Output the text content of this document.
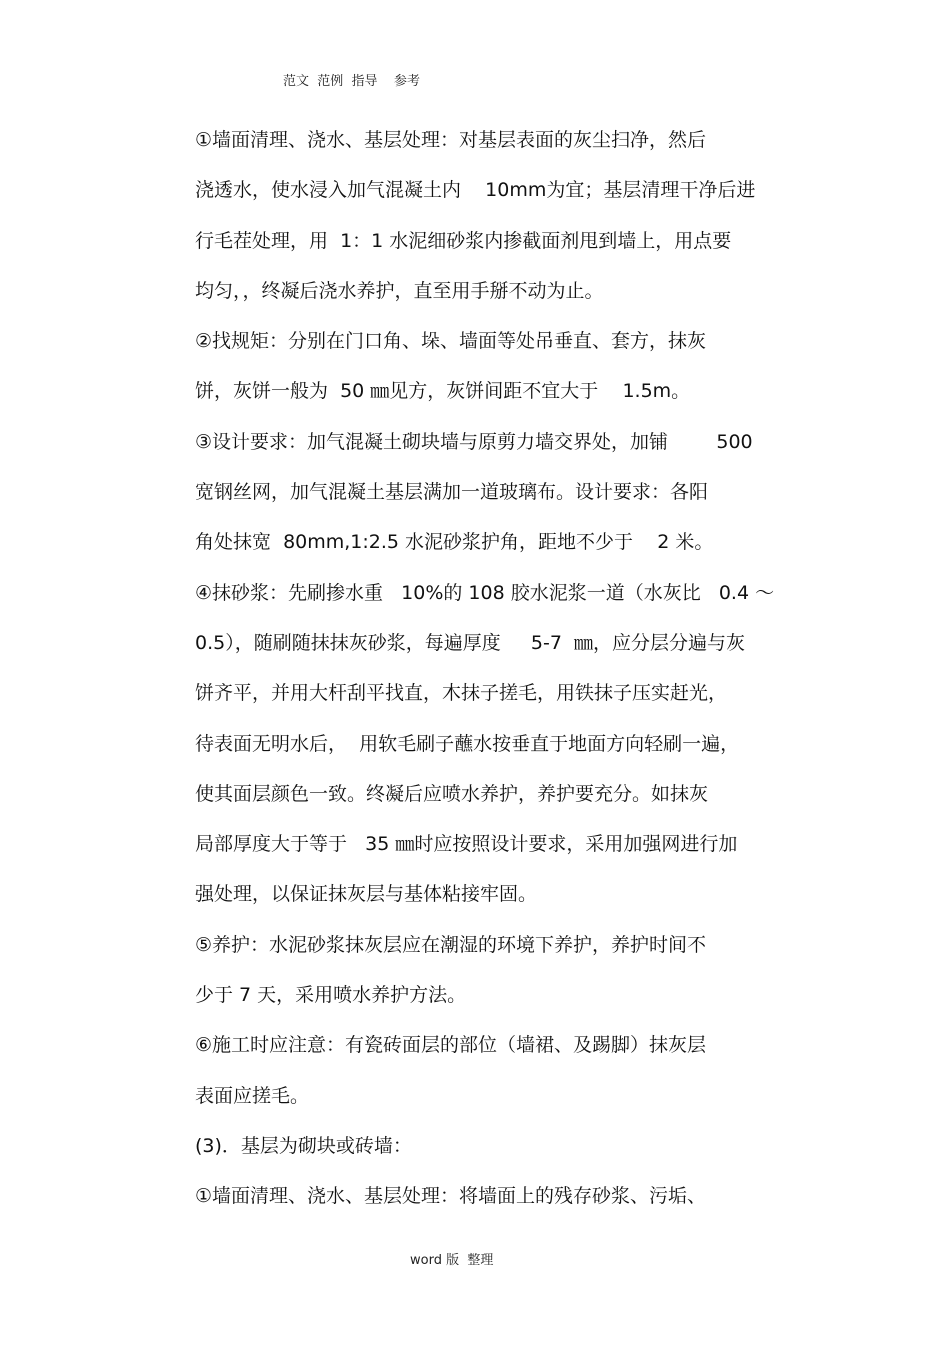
范文  范例  指导    参考
①墙面清理、浇水、基层处理：对基层表面的灰尘扫净，然后
浇透水，使水浸入加气混凝土内    10mm为宜；基层清理干净后进
行毛茬处理，用  1：1 水泥细砂浆内掺截面剂甩到墙上，用点要
均匀，，终凝后浇水养护，直至用手掰不动为止。
②找规矩：分别在门口角、垛、墙面等处吊垂直、套方，抹灰
饼，灰饼一般为  50 ㎜见方，灰饼间距不宜大于    1.5m。
③设计要求：加气混凝土砌块墙与原剪力墙交界处，加铺        500
宽钢丝网，加气混凝土基层满加一道玻璃布。设计要求：各阳
角处抹宽  80mm,1:2.5 水泥砂浆护角，距地不少于    2 米。
④抹砂浆：先刷掺水重   10%的 108 胶水泥浆一道（水灰比   0.4 ～
0.5），随刷随抹抹灰砂浆，每遍厚度     5-7  ㎜，应分层分遍与灰
饼齐平，并用大杆刮平找直，木抹子搓毛，用铁抹子压实赶光，
待表面无明水后，  用软毛刷子蘸水按垂直于地面方向轻刷一遍，
使其面层颜色一致。终凝后应喷水养护，养护要充分。如抹灰
局部厚度大于等于   35 ㎜时应按照设计要求，采用加强网进行加
强处理，以保证抹灰层与基体粘接牢固。
⑤养护：水泥砂浆抹灰层应在潮湿的环境下养护，养护时间不
少于 7 天，采用喷水养护方法。
⑥施工时应注意：有瓷砖面层的部位（墙裙、及踢脚）抹灰层
表面应搓毛。
(3)．基层为砌块或砖墙：
①墙面清理、浇水、基层处理：将墙面上的残存砂浆、污垢、
word 版  整理
